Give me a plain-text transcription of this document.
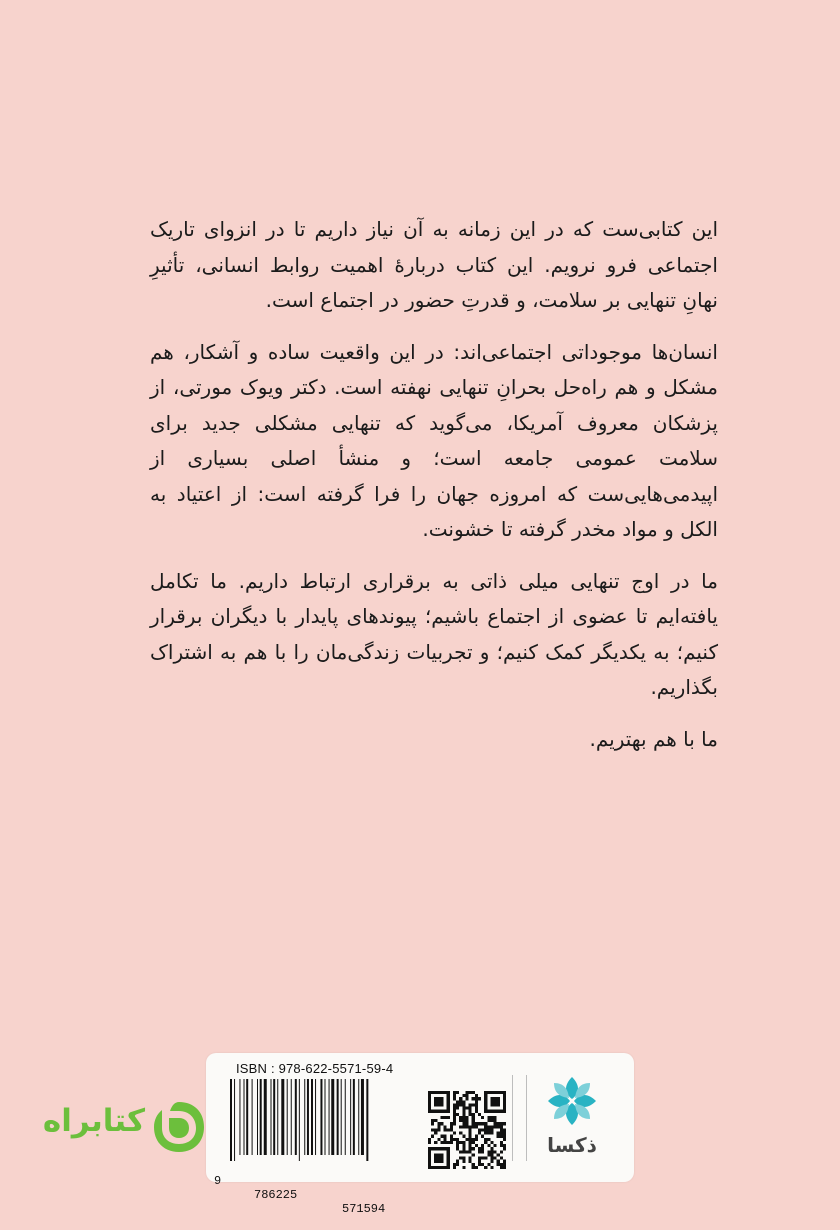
این کتابی‌ست که در این زمانه به آن نیاز داریم تا در انزوای تاریک اجتماعی فرو نرویم. این کتاب دربارهٔ اهمیت روابط انسانی، تأثیرِ نهانِ تنهایی بر سلامت، و قدرتِ حضور در اجتماع است.

انسان‌ها موجوداتی اجتماعی‌اند: در این واقعیت ساده و آشکار، هم مشکل و هم راه‌حل بحرانِ تنهایی نهفته است. دکتر ویوک مورتی، از پزشکان معروف آمریکا، می‌گوید که تنهایی مشکلی جدید برای سلامت عمومی جامعه است؛ و منشأ اصلی بسیاری از اپیدمی‌هایی‌ست که امروزه جهان را فرا گرفته است: از اعتیاد به الکل و مواد مخدر گرفته تا خشونت.

ما در اوج تنهایی میلی ذاتی به برقراری ارتباط داریم. ما تکامل یافته‌ایم تا عضوی از اجتماع باشیم؛ پیوندهای پایدار با دیگران برقرار کنیم؛ به یکدیگر کمک کنیم؛ و تجربیات زندگی‌مان را با هم به اشتراک بگذاریم.

ما با هم بهتریم.

ISBN : 978-622-5571-59-4

9

786225

571594

ذکسا
کتابراه
